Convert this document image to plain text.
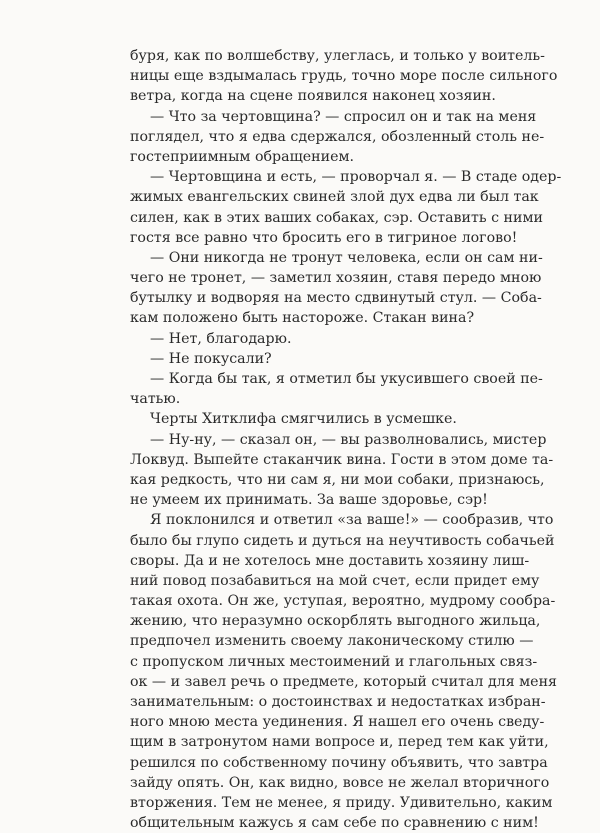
буря, как по волшебству, улеглась, и только у воитель-
ницы еще вздымалась грудь, точно море после сильного
ветра, когда на сцене появился наконец хозяин.
— Что за чертовщина? — спросил он и так на меня
поглядел, что я едва сдержался, обозленный столь не-
гостеприимным обращением.
— Чертовщина и есть, — проворчал я. — В стаде одер-
жимых евангельских свиней злой дух едва ли был так
силен, как в этих ваших собаках, сэр. Оставить с ними
гостя все равно что бросить его в тигриное логово!
— Они никогда не тронут человека, если он сам ни-
чего не тронет, — заметил хозяин, ставя передо мною
бутылку и водворяя на место сдвинутый стул. — Соба-
кам положено быть настороже. Стакан вина?
— Нет, благодарю.
— Не покусали?
— Когда бы так, я отметил бы укусившего своей пе-
чатью.
Черты Хитклифа смягчились в усмешке.
— Ну-ну, — сказал он, — вы разволновались, мистер
Локвуд. Выпейте стаканчик вина. Гости в этом доме та-
кая редкость, что ни сам я, ни мои собаки, признаюсь,
не умеем их принимать. За ваше здоровье, сэр!
Я поклонился и ответил «за ваше!» — сообразив, что
было бы глупо сидеть и дуться на неучтивость собачьей
своры. Да и не хотелось мне доставить хозяину лиш-
ний повод позабавиться на мой счет, если придет ему
такая охота. Он же, уступая, вероятно, мудрому сообра-
жению, что неразумно оскорблять выгодного жильца,
предпочел изменить своему лаконическому стилю —
с пропуском личных местоимений и глагольных связ-
ок — и завел речь о предмете, который считал для меня
занимательным: о достоинствах и недостатках избран-
ного мною места уединения. Я нашел его очень сведу-
щим в затронутом нами вопросе и, перед тем как уйти,
решился по собственному почину объявить, что завтра
зайду опять. Он, как видно, вовсе не желал вторичного
вторжения. Тем не менее, я приду. Удивительно, каким
общительным кажусь я сам себе по сравнению с ним!
